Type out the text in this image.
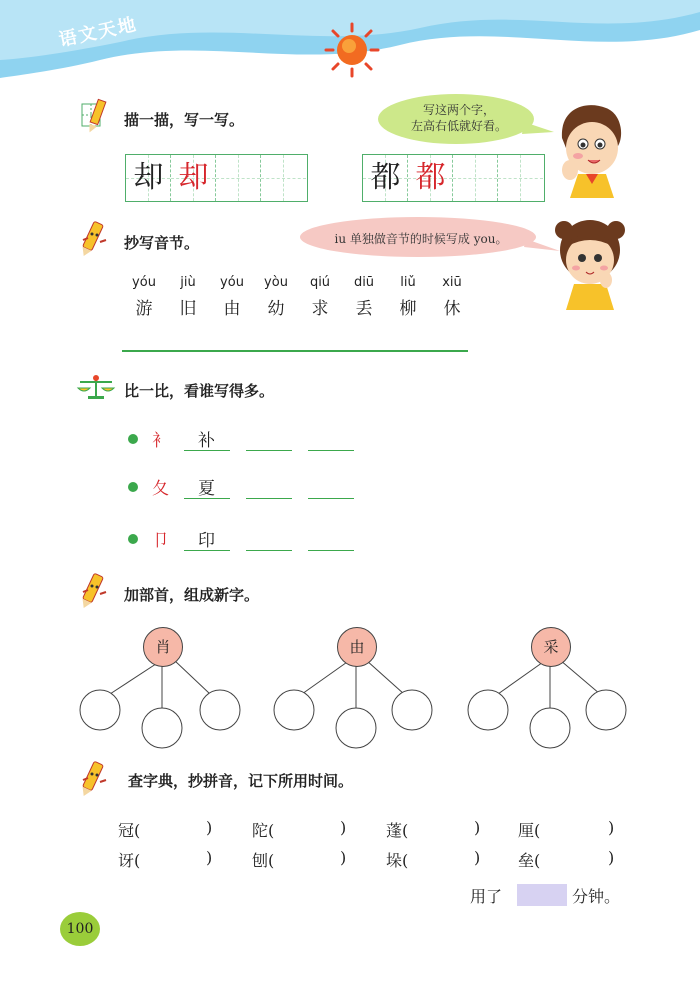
语文天地
描一描，写一写。
写这两个字，
左高右低就好看。
却 却	都 都
抄写音节。	iu 单独做音节的时候写成 you。
yóu	jiù	yóu	yòu	qiú	diū	liǔ	xiū
游	旧	由	幼	求	丢	柳	休
比一比，看谁写得多。
衤 补
夂 夏
卩 印
加部首，组成新字。
肖	由	采
查字典，抄拼音，记下所用时间。
冠(	) 陀(	) 蓬(	) 厘(	)
讶(	) 刨(	) 垛(	) 垒(	)
用了	分钟。
100
